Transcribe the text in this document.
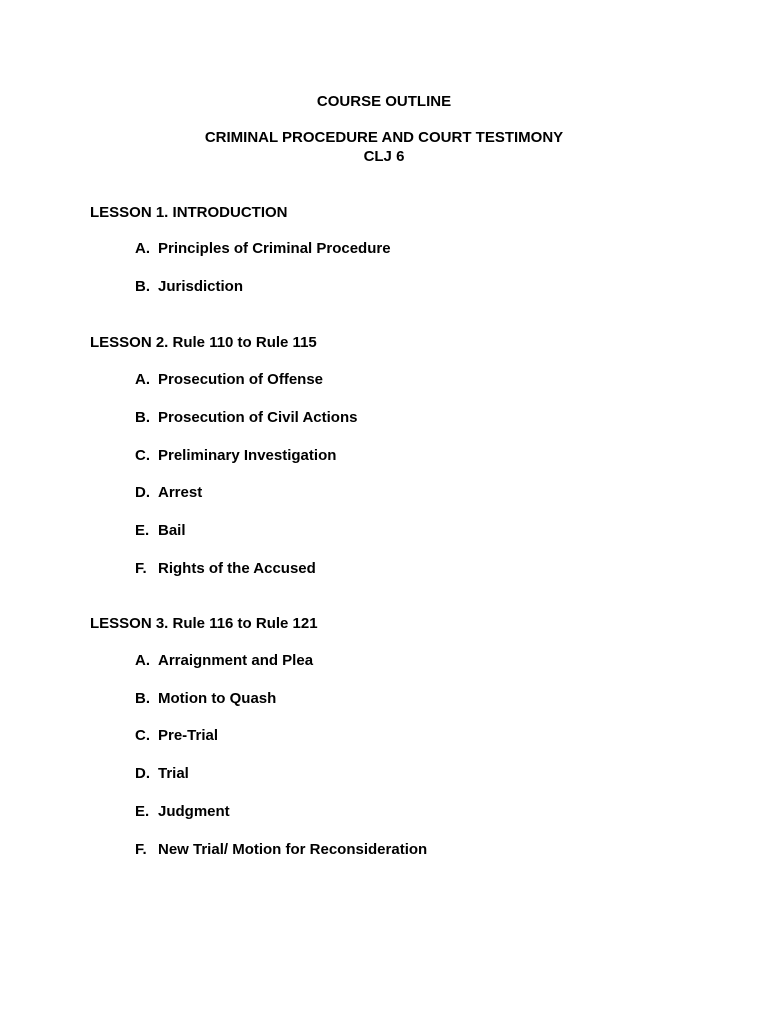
COURSE OUTLINE
CRIMINAL PROCEDURE AND COURT TESTIMONY
CLJ 6
LESSON 1. INTRODUCTION
A. Principles of Criminal Procedure
B. Jurisdiction
LESSON 2. Rule 110 to Rule 115
A. Prosecution of Offense
B. Prosecution of Civil Actions
C. Preliminary Investigation
D. Arrest
E. Bail
F. Rights of the Accused
LESSON 3. Rule 116 to Rule 121
A. Arraignment and Plea
B. Motion to Quash
C. Pre-Trial
D. Trial
E. Judgment
F. New Trial/ Motion for Reconsideration
